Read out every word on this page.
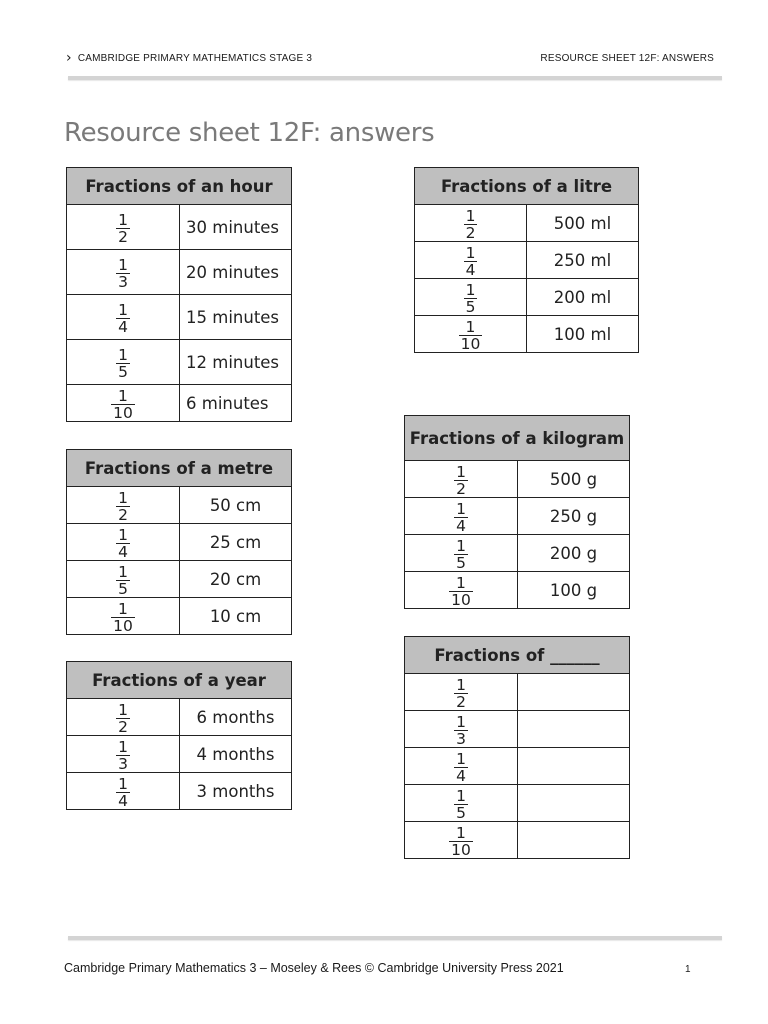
› CAMBRIDGE PRIMARY MATHEMATICS STAGE 3	RESOURCE SHEET 12F: ANSWERS
Resource sheet 12F: answers
Fractions of an hour	

$\frac{1}{2}$	30 minutes

$\frac{1}{3}$	20 minutes

$\frac{1}{4}$	15 minutes

$\frac{1}{5}$	12 minutes

$\frac{1}{10}$	6 minutes
Fractions of a litre	

$\frac{1}{2}$	500 ml

$\frac{1}{4}$	250 ml

$\frac{1}{5}$	200 ml

$\frac{1}{10}$	100 ml
Fractions of a kilogram	

$\frac{1}{2}$	500 g

$\frac{1}{4}$	250 g

$\frac{1}{5}$	200 g

$\frac{1}{10}$	100 g
Fractions of a metre	

$\frac{1}{2}$	50 cm

$\frac{1}{4}$	25 cm

$\frac{1}{5}$	20 cm

$\frac{1}{10}$	10 cm
Fractions of ______	

$\frac{1}{2}$

$\frac{1}{3}$

$\frac{1}{4}$

$\frac{1}{5}$

$\frac{1}{10}$

Fractions of a year	

$\frac{1}{2}$	6 months

$\frac{1}{3}$	4 months

$\frac{1}{4}$	3 months
Cambridge Primary Mathematics 3 – Moseley & Rees © Cambridge University Press 2021	1
